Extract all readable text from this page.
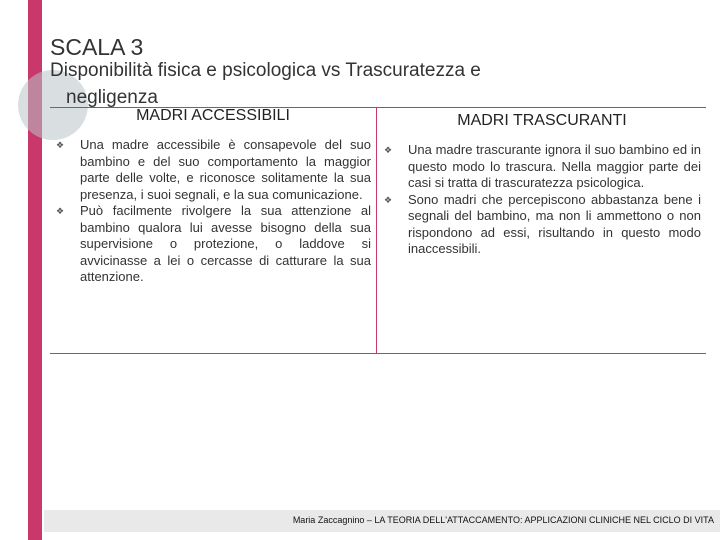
SCALA 3
Disponibilità fisica e psicologica vs Trascuratezza e
negligenza
MADRI ACCESSIBILI
❖ Una madre accessibile è consapevole del suo bambino e del suo comportamento la maggior parte delle volte, e riconosce solitamente la sua presenza, i suoi segnali, e la sua comunicazione.
❖ Può facilmente rivolgere la sua attenzione al bambino qualora lui avesse bisogno della sua supervisione o protezione, o laddove si avvicinasse a lei o cercasse di catturare la sua attenzione.
MADRI TRASCURANTI
❖ Una madre trascurante ignora il suo bambino ed in questo modo lo trascura. Nella maggior parte dei casi si tratta di trascuratezza psicologica.
❖ Sono madri che percepiscono abbastanza bene i segnali del bambino, ma non li ammettono o non rispondono ad essi, risultando in questo modo inaccessibili.
Maria Zaccagnino – LA TEORIA DELL'ATTACCAMENTO: APPLICAZIONI CLINICHE NEL CICLO DI VITA
